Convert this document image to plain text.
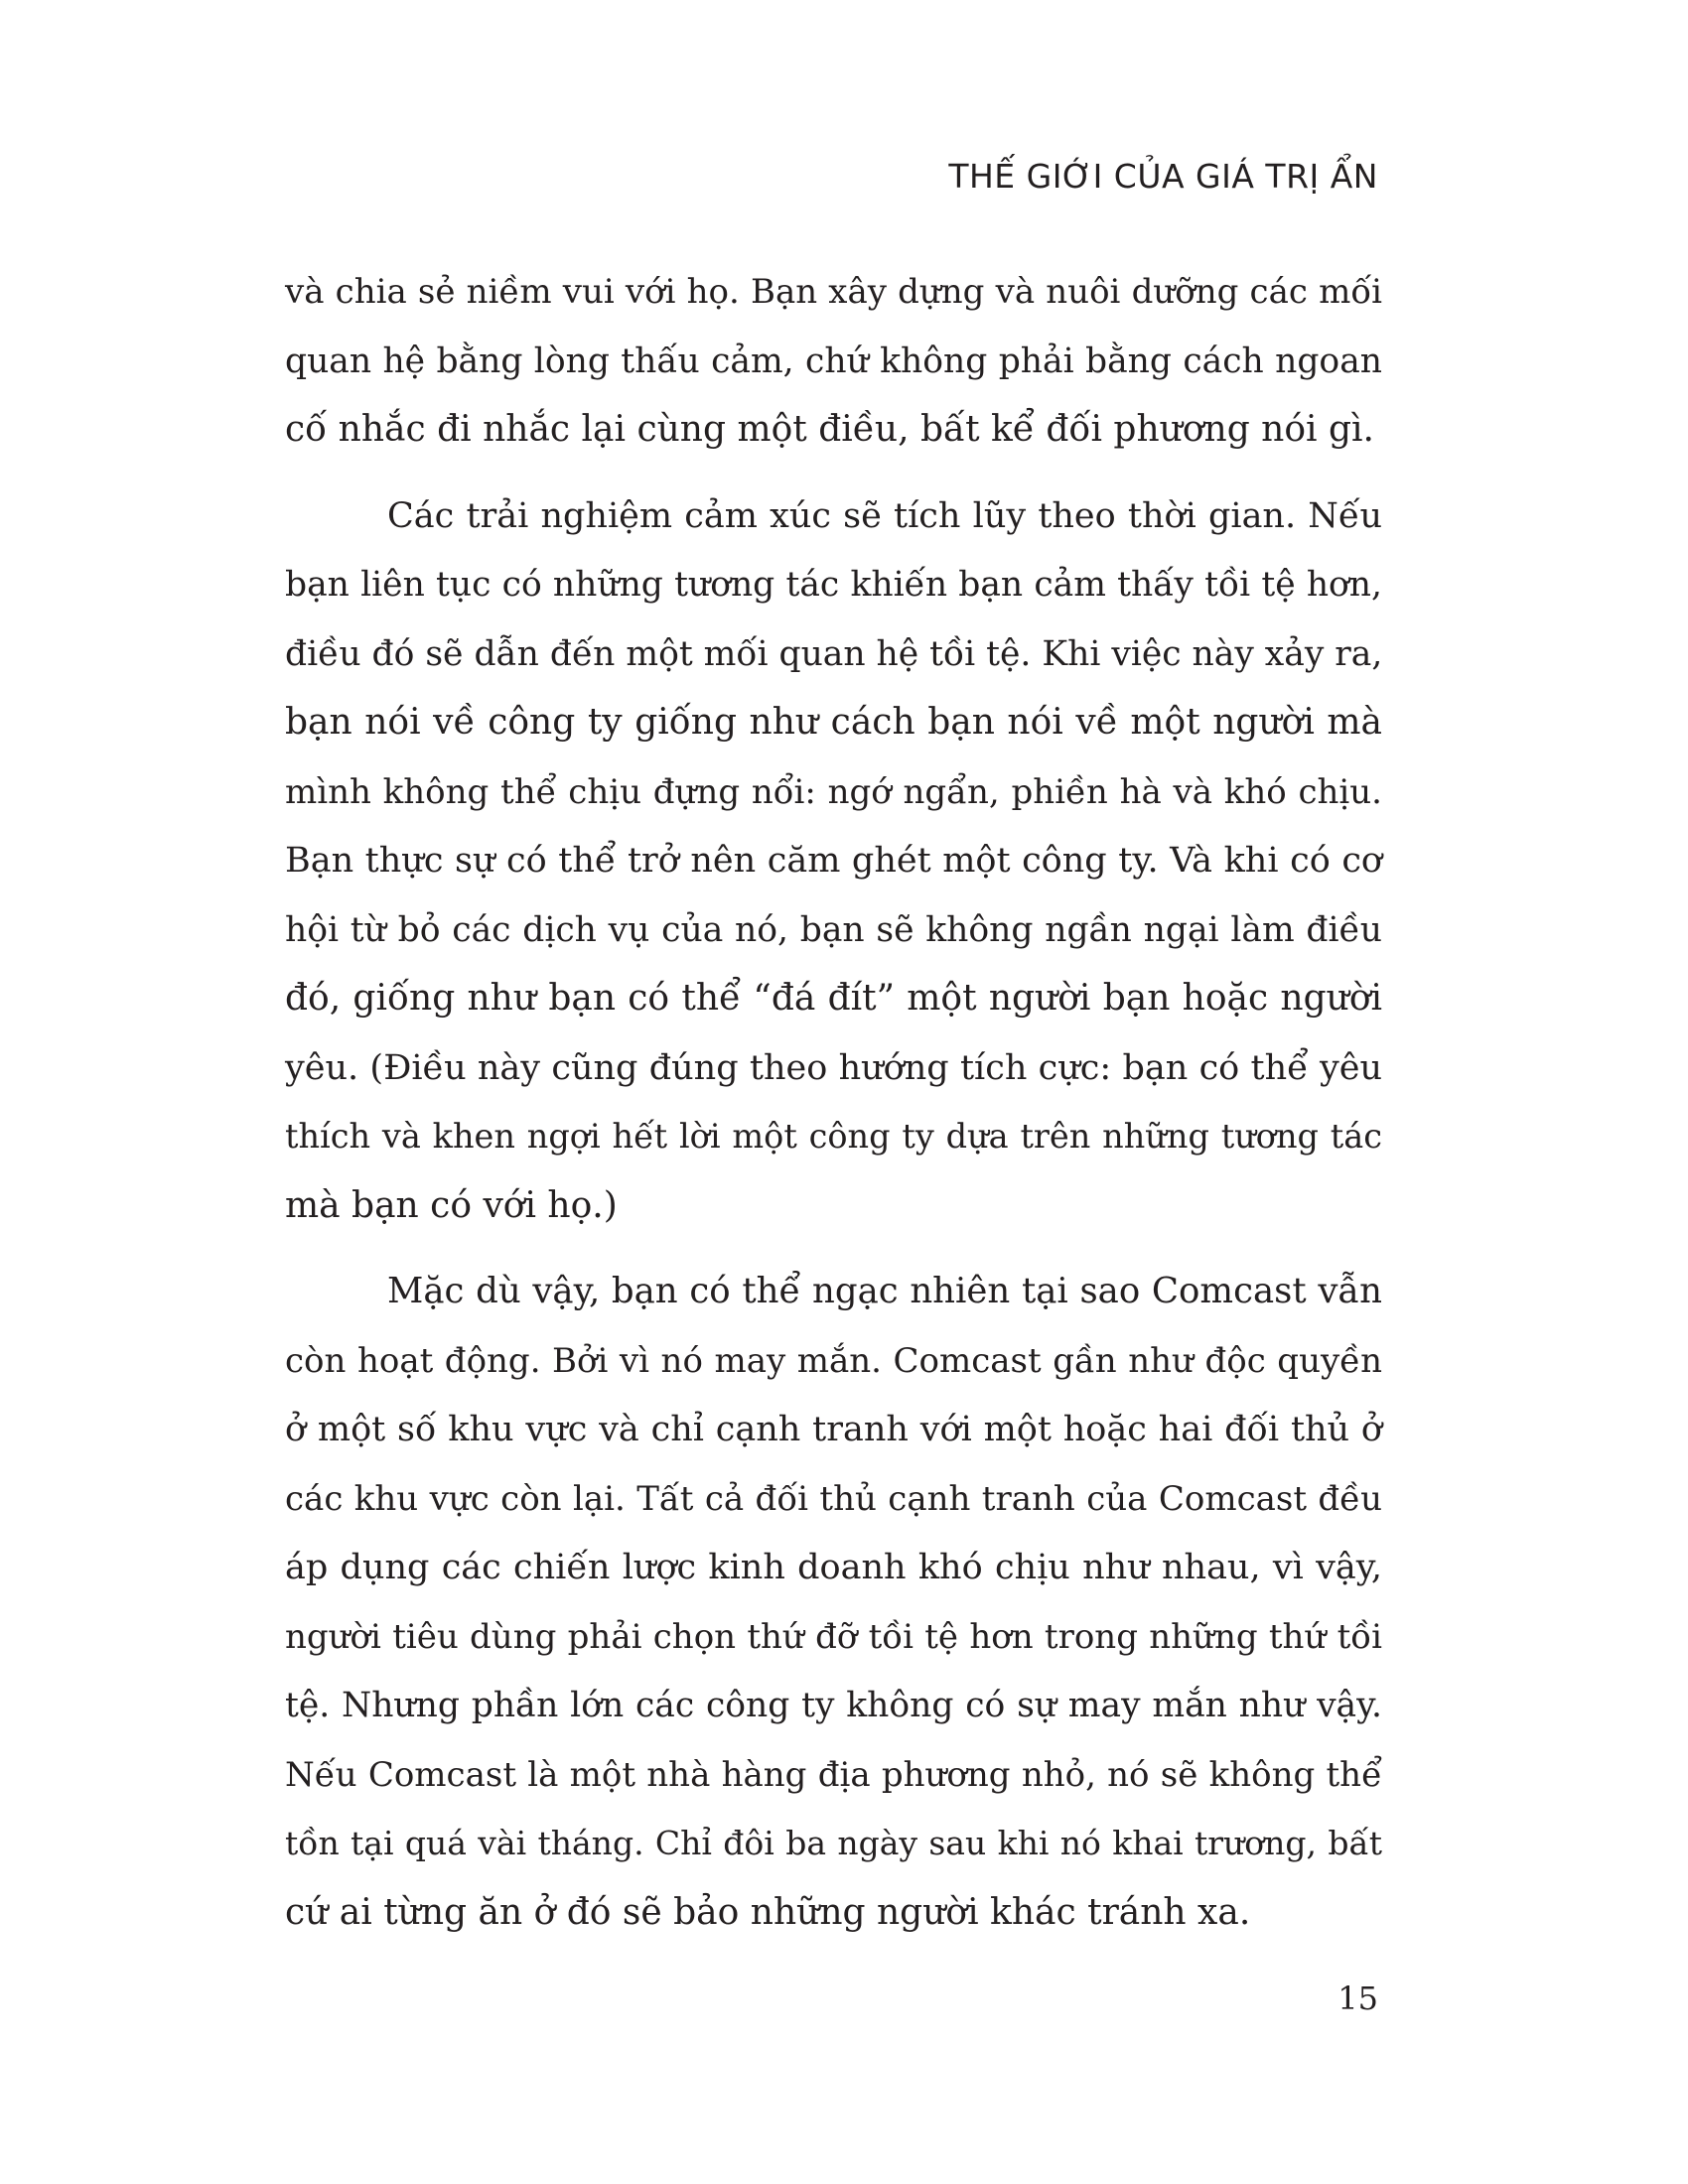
THẾ GIỚI CỦA GIÁ TRỊ ẨN
và chia sẻ niềm vui với họ. Bạn xây dựng và nuôi dưỡng các mối
quan hệ bằng lòng thấu cảm, chứ không phải bằng cách ngoan
cố nhắc đi nhắc lại cùng một điều, bất kể đối phương nói gì.
Các trải nghiệm cảm xúc sẽ tích lũy theo thời gian. Nếu
bạn liên tục có những tương tác khiến bạn cảm thấy tồi tệ hơn,
điều đó sẽ dẫn đến một mối quan hệ tồi tệ. Khi việc này xảy ra,
bạn nói về công ty giống như cách bạn nói về một người mà
mình không thể chịu đựng nổi: ngớ ngẩn, phiền hà và khó chịu.
Bạn thực sự có thể trở nên căm ghét một công ty. Và khi có cơ
hội từ bỏ các dịch vụ của nó, bạn sẽ không ngần ngại làm điều
đó, giống như bạn có thể “đá đít” một người bạn hoặc người
yêu. (Điều này cũng đúng theo hướng tích cực: bạn có thể yêu
thích và khen ngợi hết lời một công ty dựa trên những tương tác
mà bạn có với họ.)
Mặc dù vậy, bạn có thể ngạc nhiên tại sao Comcast vẫn
còn hoạt động. Bởi vì nó may mắn. Comcast gần như độc quyền
ở một số khu vực và chỉ cạnh tranh với một hoặc hai đối thủ ở
các khu vực còn lại. Tất cả đối thủ cạnh tranh của Comcast đều
áp dụng các chiến lược kinh doanh khó chịu như nhau, vì vậy,
người tiêu dùng phải chọn thứ đỡ tồi tệ hơn trong những thứ tồi
tệ. Nhưng phần lớn các công ty không có sự may mắn như vậy.
Nếu Comcast là một nhà hàng địa phương nhỏ, nó sẽ không thể
tồn tại quá vài tháng. Chỉ đôi ba ngày sau khi nó khai trương, bất
cứ ai từng ăn ở đó sẽ bảo những người khác tránh xa.
15
